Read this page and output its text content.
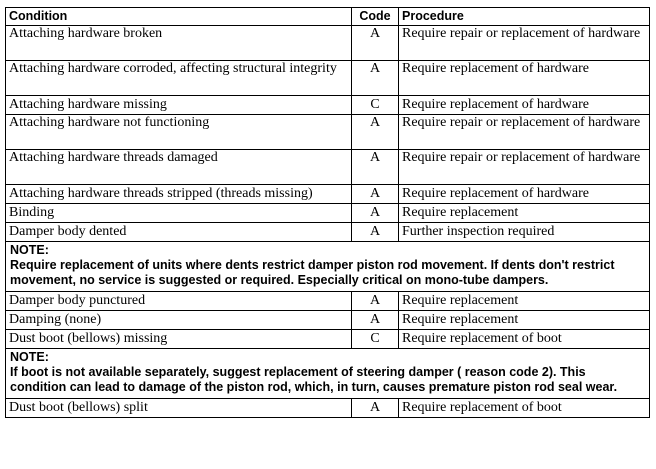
Condition	Code	Procedure
Attaching hardware broken	A	Require repair or replacement of hardware
Attaching hardware corroded, affecting structural integrity	A	Require replacement of hardware
Attaching hardware missing	C	Require replacement of hardware
Attaching hardware not functioning	A	Require repair or replacement of hardware
Attaching hardware threads damaged	A	Require repair or replacement of hardware
Attaching hardware threads stripped (threads missing)	A	Require replacement of hardware
Binding	A	Require replacement
Damper body dented	A	Further inspection required

NOTE:
Require replacement of units where dents restrict damper piston rod movement. If dents don't restrict movement, no service is suggested or required. Especially critical on mono-tube dampers.		
Damper body punctured	A	Require replacement
Damping (none)	A	Require replacement
Dust boot (bellows) missing	C	Require replacement of boot

NOTE:
If boot is not available separately, suggest replacement of steering damper ( reason code 2). This condition can lead to damage of the piston rod, which, in turn, causes premature piston rod seal wear.		
Dust boot (bellows) split	A	Require replacement of boot
